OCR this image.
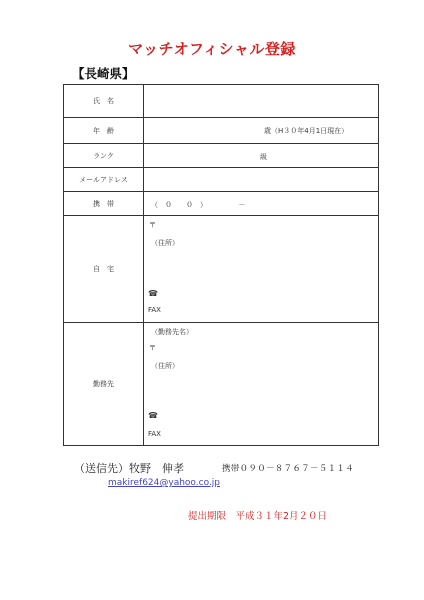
マッチオフィシャル登録
【長崎県】
氏　名
年　齢	歳（H３０年4月1日現在）
ランク	級
メールアドレス
携　帯	（　０　　０　）　　　　　－
自　宅
〒
（住所）
☎
FAX
勤務先
（勤務先名）
〒
（住所）
☎
FAX
（送信先）牧野　伸孝	携帯０９０－８７６７－５１１４
makiref624@yahoo.co.jp
提出期限　平成３１年2月２０日
